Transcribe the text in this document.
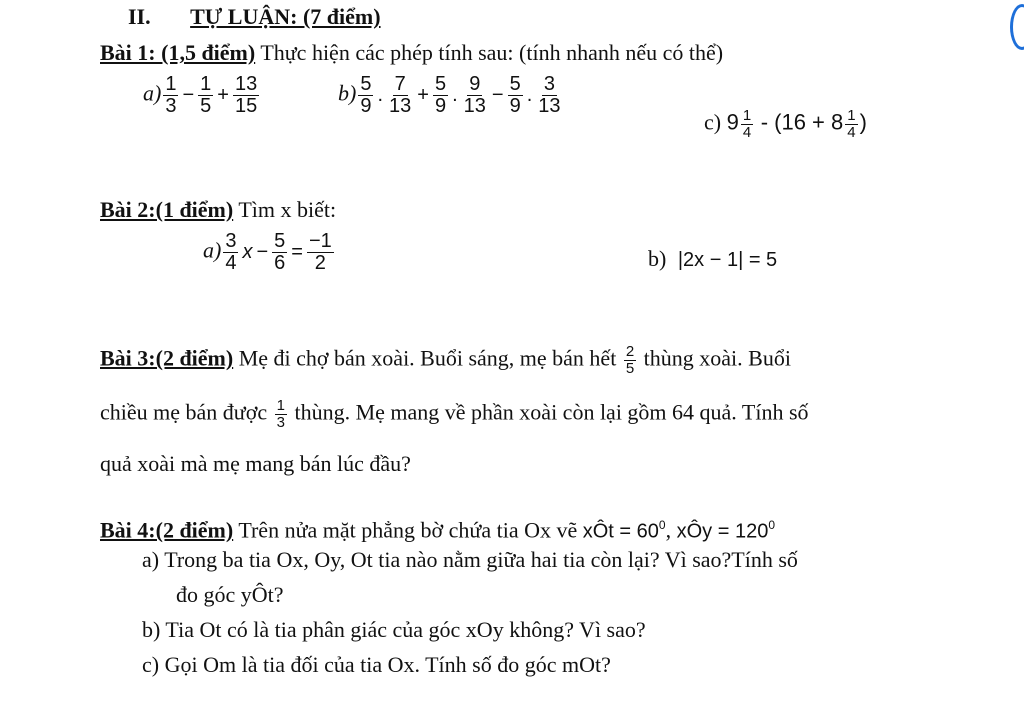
II. TỰ LUẬN: (7 điểm)
Bài 1: (1,5 điểm) Thực hiện các phép tính sau: (tính nhanh nếu có thể)
$a) \frac{1}{3} - \frac{1}{5} + \frac{13}{15}$	$b) \frac{5}{9}$ . $\frac{7}{13} + \frac{5}{9}$ . $\frac{9}{13} - \frac{5}{9}$ . $\frac{3}{13}$
c) $9 \frac{1}{4} - (16 + 8 \frac{1}{4}$ )
Bài 2:(1 điểm) Tìm x biết:
$a) \frac{3}{4}$ $x - \frac{5}{6} = \frac{-1}{2}$	b) |2x − 1| = 5
Bài 3:(2 điểm) Mẹ đi chợ bán xoài. Buổi sáng, mẹ bán hết $\frac{2}{5}$ thùng xoài. Buổi
chiều mẹ bán được $\frac{1}{3}$ thùng. Mẹ mang về phần xoài còn lại gồm 64 quả. Tính số
quả xoài mà mẹ mang bán lúc đầu?
Bài 4:(2 điểm) Trên nửa mặt phẳng bờ chứa tia Ox vẽ xÔt = $60^0$, xÔy = $120^0$
a) Trong ba tia Ox, Oy, Ot tia nào nằm giữa hai tia còn lại? Vì sao?Tính số
đo góc yÔt?
b) Tia Ot có là tia phân giác của góc xOy không? Vì sao?
c) Gọi Om là tia đối của tia Ox. Tính số đo góc mOt?
